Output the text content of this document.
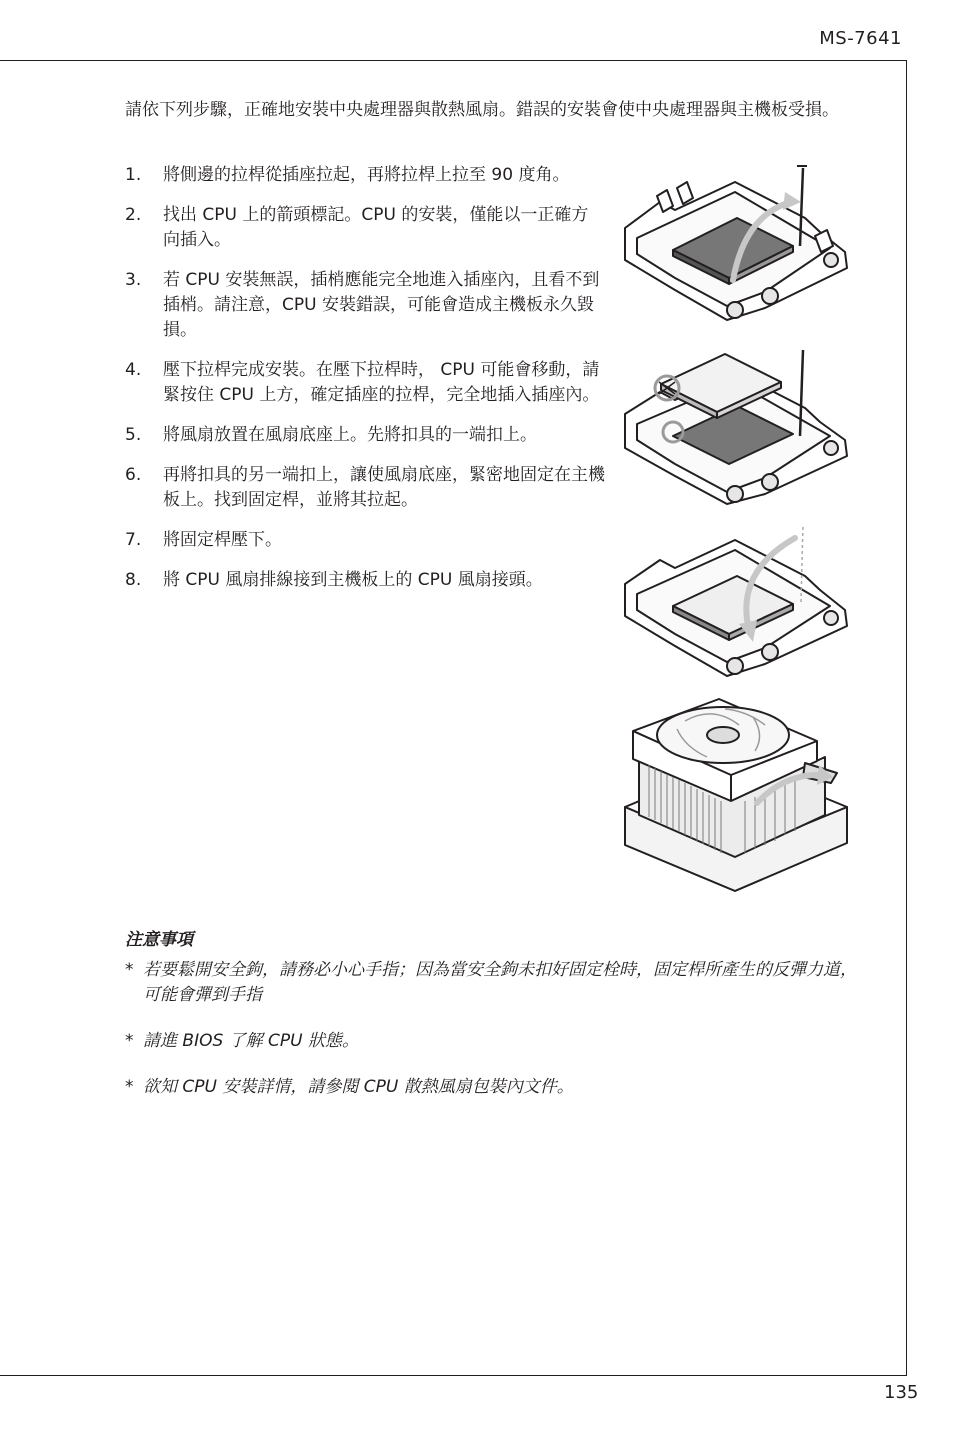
MS-7641
135
請依下列步驟，正確地安裝中央處理器與散熱風扇。錯誤的安裝會使中央處理器與主機板受損。
1. 將側邊的拉桿從插座拉起，再將拉桿上拉至 90 度角。
2. 找出 CPU 上的箭頭標記。CPU 的安裝，僅能以一正確方向插入。
3. 若 CPU 安裝無誤，插梢應能完全地進入插座內，且看不到插梢。請注意，CPU 安裝錯誤，可能會造成主機板永久毀損。
4. 壓下拉桿完成安裝。在壓下拉桿時， CPU 可能會移動，請緊按住 CPU 上方，確定插座的拉桿，完全地插入插座內。
5. 將風扇放置在風扇底座上。先將扣具的一端扣上。
6. 再將扣具的另一端扣上，讓使風扇底座，緊密地固定在主機板上。找到固定桿，並將其拉起。
7. 將固定桿壓下。
8. 將 CPU 風扇排線接到主機板上的 CPU 風扇接頭。
注意事項
* 若要鬆開安全鉤，請務必小心手指；因為當安全鉤未扣好固定栓時，固定桿所產生的反彈力道，可能會彈到手指
* 請進 BIOS 了解 CPU 狀態。
* 欲知 CPU 安裝詳情，請參閱 CPU 散熱風扇包裝內文件。
